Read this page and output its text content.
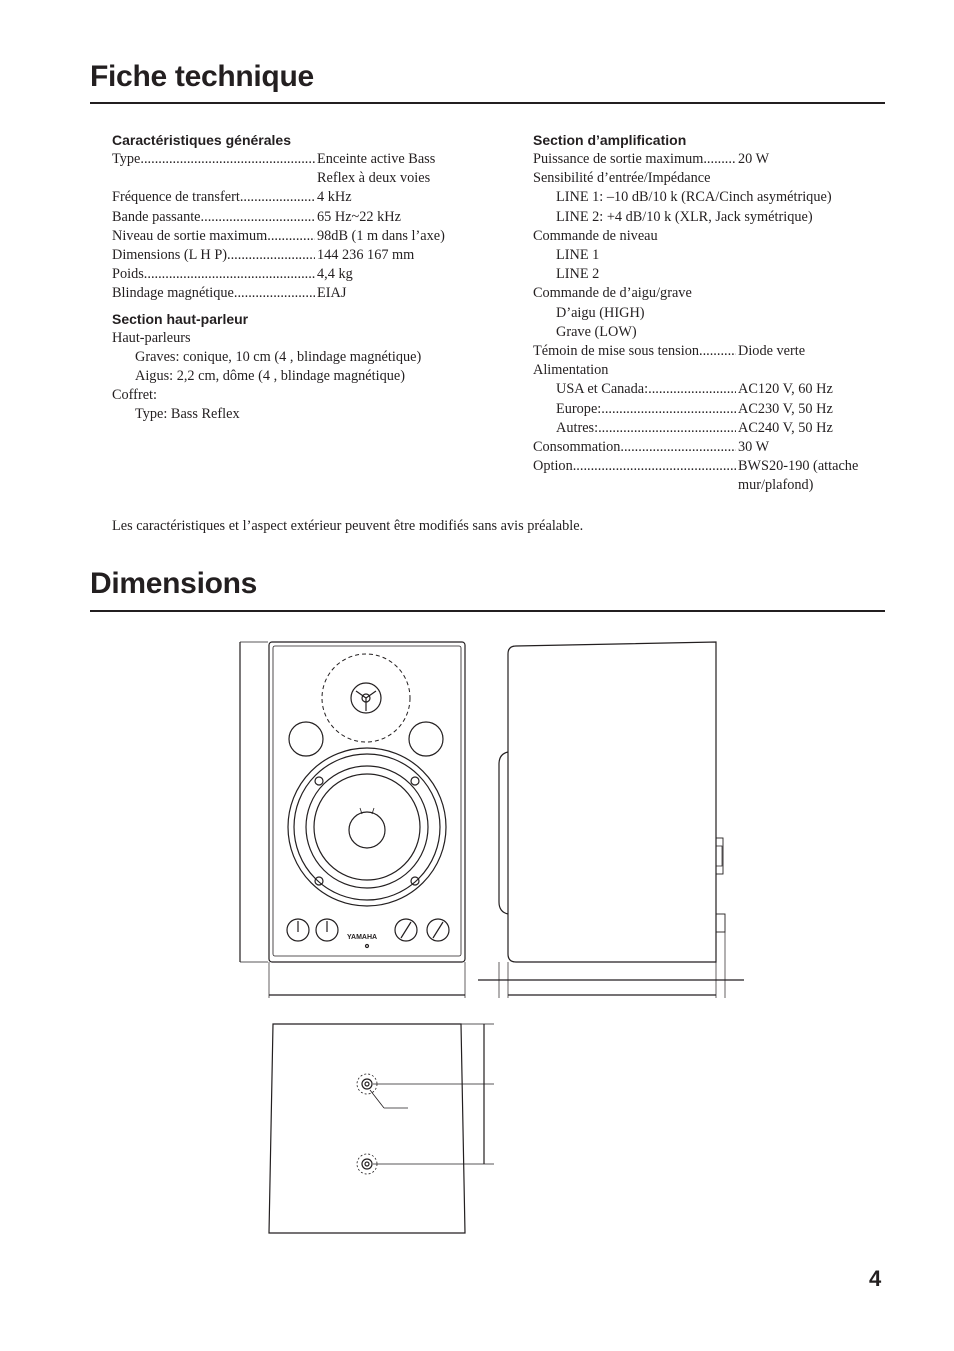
Fiche technique
Caractéristiques générales
Type .....	Enceinte active Bass
Reflex à deux voies
Fréquence de transfert .....	4 kHz
Bande passante .....	65 Hz~22 kHz
Niveau de sortie maximum .....	98dB (1 m dans l’axe)
Dimensions (L H P) .....	144 236 167 mm
Poids .....	4,4 kg
Blindage magnétique .....	EIAJ
Section haut-parleur
Haut-parleurs
Graves: conique, 10 cm (4 , blindage magnétique)
Aigus: 2,2 cm, dôme (4 , blindage magnétique)
Coffret:
Type: Bass Reflex
Section d’amplification
Puissance de sortie maximum ..... 20 W
Sensibilité d’entrée/Impédance
LINE 1: –10 dB/10 k (RCA/Cinch asymétrique)
LINE 2: +4 dB/10 k (XLR, Jack symétrique)
Commande de niveau
LINE 1
LINE 2
Commande de d’aigu/grave
D’aigu (HIGH)
Grave (LOW)
Témoin de mise sous tension .....	Diode verte
Alimentation
USA et Canada: .....	AC120 V, 60 Hz
Europe: .....	AC230 V, 50 Hz
Autres: .....	AC240 V, 50 Hz
Consommation .....	30 W
Option .....	BWS20-190 (attache
mur/plafond)
Les caractéristiques et l’aspect extérieur peuvent être modifiés sans avis préalable.
Dimensions
YAMAHA
4
